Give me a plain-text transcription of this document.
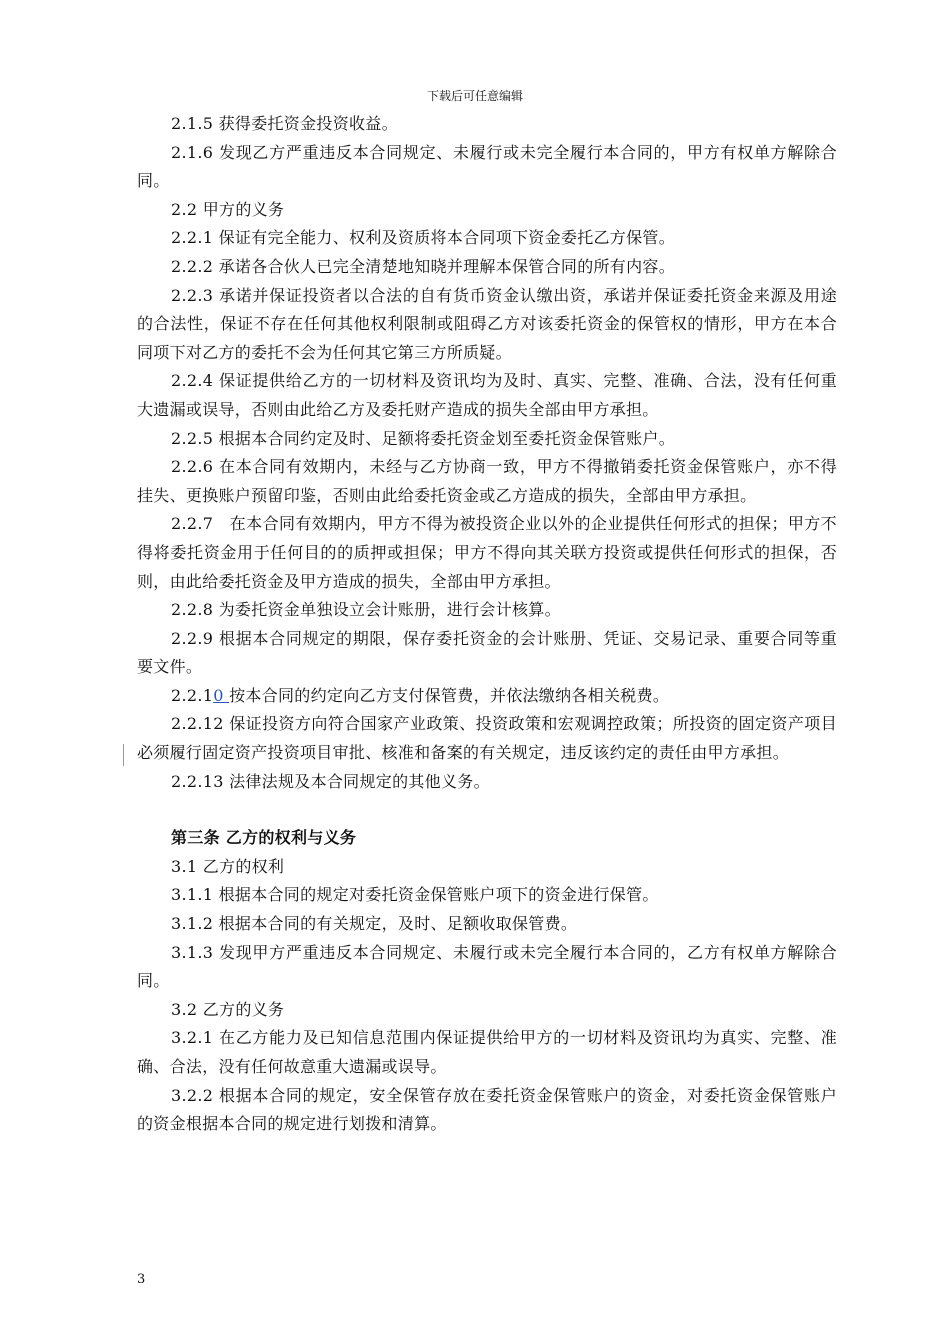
下载后可任意编辑

2.1.5 获得委托资金投资收益。

2.1.6 发现乙方严重违反本合同规定、未履行或未完全履行本合同的，甲方有权单方解除合同。

2.2 甲方的义务

2.2.1 保证有完全能力、权利及资质将本合同项下资金委托乙方保管。

2.2.2 承诺各合伙人已完全清楚地知晓并理解本保管合同的所有内容。

2.2.3 承诺并保证投资者以合法的自有货币资金认缴出资，承诺并保证委托资金来源及用途的合法性，保证不存在任何其他权利限制或阻碍乙方对该委托资金的保管权的情形，甲方在本合同项下对乙方的委托不会为任何其它第三方所质疑。

2.2.4 保证提供给乙方的一切材料及资讯均为及时、真实、完整、准确、合法，没有任何重大遗漏或误导，否则由此给乙方及委托财产造成的损失全部由甲方承担。

2.2.5 根据本合同约定及时、足额将委托资金划至委托资金保管账户。

2.2.6 在本合同有效期内，未经与乙方协商一致，甲方不得撤销委托资金保管账户，亦不得挂失、更换账户预留印鉴，否则由此给委托资金或乙方造成的损失，全部由甲方承担。

2.2.7　在本合同有效期内，甲方不得为被投资企业以外的企业提供任何形式的担保；甲方不得将委托资金用于任何目的的质押或担保；甲方不得向其关联方投资或提供任何形式的担保，否则，由此给委托资金及甲方造成的损失，全部由甲方承担。

2.2.8 为委托资金单独设立会计账册，进行会计核算。

2.2.9 根据本合同规定的期限，保存委托资金的会计账册、凭证、交易记录、重要合同等重要文件。

2.2.10 按本合同的约定向乙方支付保管费，并依法缴纳各相关税费。

2.2.12 保证投资方向符合国家产业政策、投资政策和宏观调控政策；所投资的固定资产项目必须履行固定资产投资项目审批、核准和备案的有关规定，违反该约定的责任由甲方承担。

2.2.13 法律法规及本合同规定的其他义务。

第三条 乙方的权利与义务

3.1 乙方的权利

3.1.1 根据本合同的规定对委托资金保管账户项下的资金进行保管。

3.1.2 根据本合同的有关规定，及时、足额收取保管费。

3.1.3 发现甲方严重违反本合同规定、未履行或未完全履行本合同的，乙方有权单方解除合同。

3.2 乙方的义务

3.2.1 在乙方能力及已知信息范围内保证提供给甲方的一切材料及资讯均为真实、完整、准确、合法，没有任何故意重大遗漏或误导。

3.2.2 根据本合同的规定，安全保管存放在委托资金保管账户的资金，对委托资金保管账户的资金根据本合同的规定进行划拨和清算。

3
